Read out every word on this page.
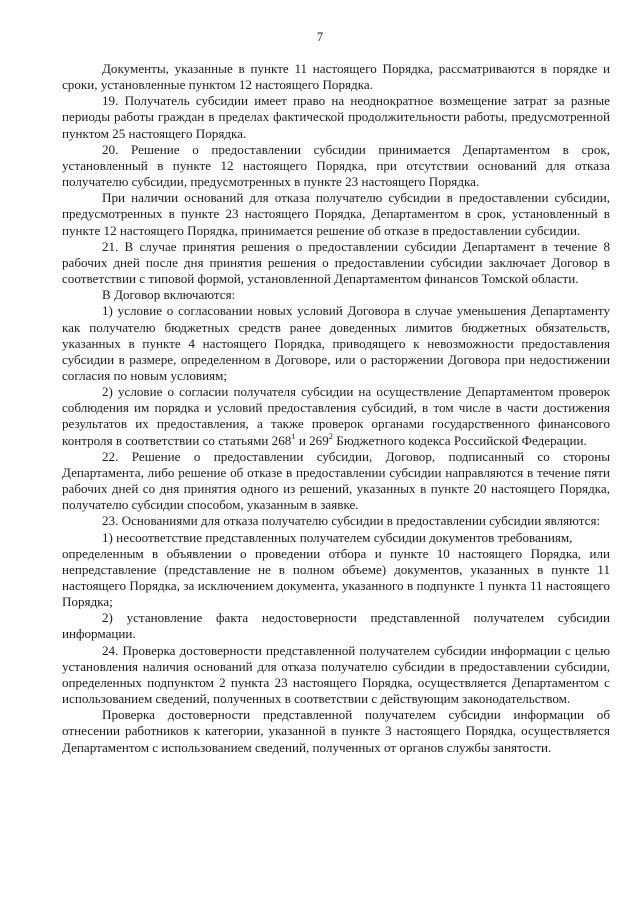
7

Документы, указанные в пункте 11 настоящего Порядка, рассматриваются в порядке и сроки, установленные пунктом 12 настоящего Порядка.

19. Получатель субсидии имеет право на неоднократное возмещение затрат за разные периоды работы граждан в пределах фактической продолжительности работы, предусмотренной пунктом 25 настоящего Порядка.

20. Решение о предоставлении субсидии принимается Департаментом в срок, установленный в пункте 12 настоящего Порядка, при отсутствии оснований для отказа получателю субсидии, предусмотренных в пункте 23 настоящего Порядка.

При наличии оснований для отказа получателю субсидии в предоставлении субсидии, предусмотренных в пункте 23 настоящего Порядка, Департаментом в срок, установленный в пункте 12 настоящего Порядка, принимается решение об отказе в предоставлении субсидии.

21. В случае принятия решения о предоставлении субсидии Департамент в течение 8 рабочих дней после дня принятия решения о предоставлении субсидии заключает Договор в соответствии с типовой формой, установленной Департаментом финансов Томской области.

В Договор включаются:

1) условие о согласовании новых условий Договора в случае уменьшения Департаменту как получателю бюджетных средств ранее доведенных лимитов бюджетных обязательств, указанных в пункте 4 настоящего Порядка, приводящего к невозможности предоставления субсидии в размере, определенном в Договоре, или о расторжении Договора при недостижении согласия по новым условиям;

2) условие о согласии получателя субсидии на осуществление Департаментом проверок соблюдения им порядка и условий предоставления субсидий, в том числе в части достижения результатов их предоставления, а также проверок органами государственного финансового контроля в соответствии со статьями $268^1$ и $269^2$ Бюджетного кодекса Российской Федерации.

22. Решение о предоставлении субсидии, Договор, подписанный со стороны Департамента, либо решение об отказе в предоставлении субсидии направляются в течение пяти рабочих дней со дня принятия одного из решений, указанных в пункте 20 настоящего Порядка, получателю субсидии способом, указанным в заявке.

23. Основаниями для отказа получателю субсидии в предоставлении субсидии являются:

1) несоответствие представленных получателем субсидии документов требованиям,

определенным в объявлении о проведении отбора и пункте 10 настоящего Порядка, или непредставление (представление не в полном объеме) документов, указанных в пункте 11 настоящего Порядка, за исключением документа, указанного в подпункте 1 пункта 11 настоящего Порядка;

2) установление факта недостоверности представленной получателем субсидии информации.

24. Проверка достоверности представленной получателем субсидии информации с целью установления наличия оснований для отказа получателю субсидии в предоставлении субсидии, определенных подпунктом 2 пункта 23 настоящего Порядка, осуществляется Департаментом с использованием сведений, полученных в соответствии с действующим законодательством.

Проверка достоверности представленной получателем субсидии информации об отнесении работников к категории, указанной в пункте 3 настоящего Порядка, осуществляется Департаментом с использованием сведений, полученных от органов службы занятости.
